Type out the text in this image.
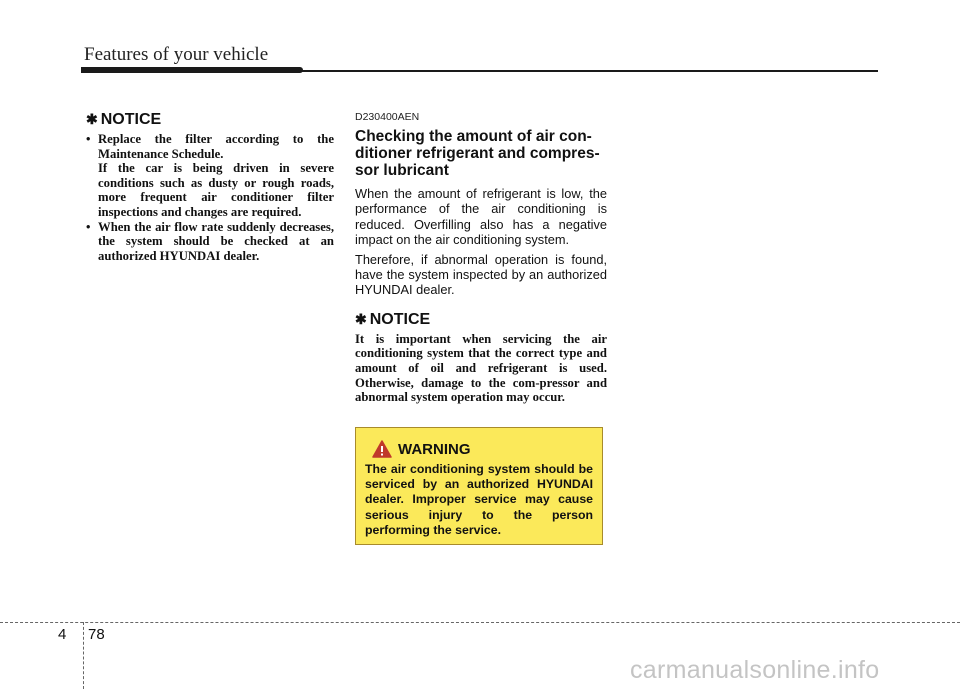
Features of your vehicle
✱ NOTICE

• Replace the filter according to the Maintenance Schedule.

If the car is being driven in severe conditions such as dusty or rough roads, more frequent air conditioner filter inspections and changes are required.

• When the air flow rate suddenly decreases, the system should be checked at an authorized HYUNDAI dealer.

D230400AEN
Checking the amount of air con-ditioner refrigerant and compres-sor lubricant

When the amount of refrigerant is low, the performance of the air conditioning is reduced. Overfilling also has a negative impact on the air conditioning system.

Therefore, if abnormal operation is found, have the system inspected by an authorized HYUNDAI dealer.

✱ NOTICE

It is important when servicing the air conditioning system that the correct type and amount of oil and refrigerant is used. Otherwise, damage to the com-pressor and abnormal system operation may occur.

WARNING

The air conditioning system should be serviced by an authorized HYUNDAI dealer. Improper service may cause serious injury to the person performing the service.

4 78
carmanualsonline.info
